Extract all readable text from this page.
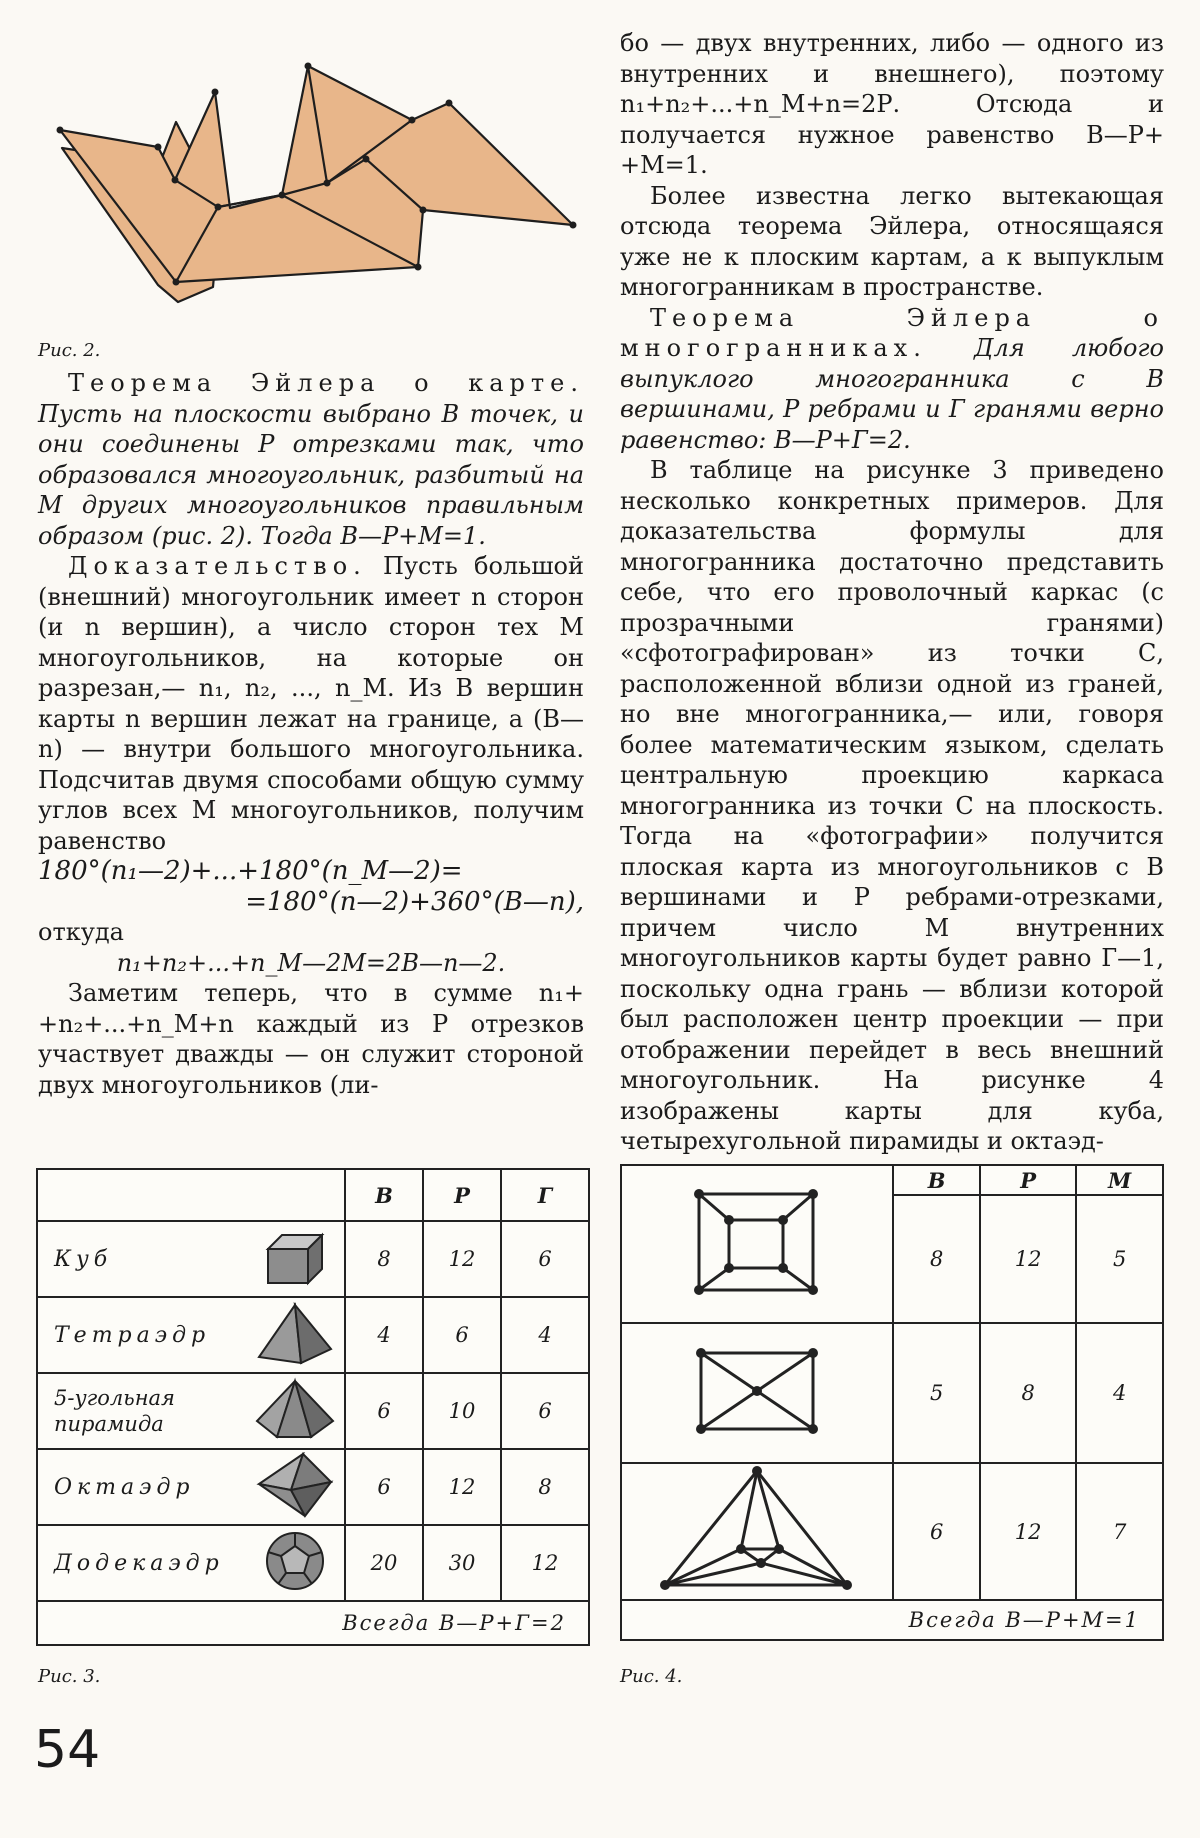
Рис. 2.

Теорема Эйлера о карте. Пусть на плоскости выбрано В точек, и они соединены Р отрезками так, что образовался многоугольник, разбитый на М других многоугольников правильным образом (рис. 2). Тогда В—Р+М=1.

Доказательство. Пусть большой (внешний) многоугольник имеет n сторон (и n вершин), а число сторон тех М многоугольников, на которые он разрезан,— n₁, n₂, ..., n_M. Из В вершин карты n вершин лежат на границе, а (В—n) — внутри большого многоугольника. Подсчитав двумя способами общую сумму углов всех М многоугольников, получим равенство

180°(n₁—2)+...+180°(n_M—2)=

=180°(n—2)+360°(В—n),

откуда

n₁+n₂+...+n_M—2M=2B—n—2.

Заметим теперь, что в сумме n₁+ +n₂+...+n_M+n каждый из Р отрезков участвует дважды — он служит стороной двух многоугольников (ли-

бо — двух внутренних, либо — одного из внутренних и внешнего), поэтому n₁+n₂+...+n_M+n=2Р. Отсюда и получается нужное равенство В—Р+ +М=1.

Более известна легко вытекающая отсюда теорема Эйлера, относящаяся уже не к плоским картам, а к выпуклым многогранникам в пространстве.

Теорема Эйлера о многогранниках. Для любого выпуклого многогранника с В вершинами, Р ребрами и Г гранями верно равенство: В—Р+Г=2.

В таблице на рисунке 3 приведено несколько конкретных примеров. Для доказательства формулы для многогранника достаточно представить себе, что его проволочный каркас (с прозрачными гранями) «сфотографирован» из точки С, расположенной вблизи одной из граней, но вне многогранника,— или, говоря более математическим языком, сделать центральную проекцию каркаса многогранника из точки С на плоскость. Тогда на «фотографии» получится плоская карта из многоугольников с В вершинами и Р ребрами-отрезками, причем число М внутренних многоугольников карты будет равно Г—1, поскольку одна грань — вблизи которой был расположен центр проекции — при отображении перейдет в весь внешний многоугольник. На рисунке 4 изображены карты для куба, четырехугольной пирамиды и октаэд-

		В	Р	Г
Куб		8	12	6
Тетраэдр		4	6	4
5-угольная пирамида		6	10	6
Октаэдр		6	12	8
Додекаэдр		20	30	12
Всегда В—Р+Г=2				
Рис. 3.
	В	Р	М
	8	12	5
	5	8	4
	6	12	7
Всегда В—Р+М=1			
Рис. 4.
54
